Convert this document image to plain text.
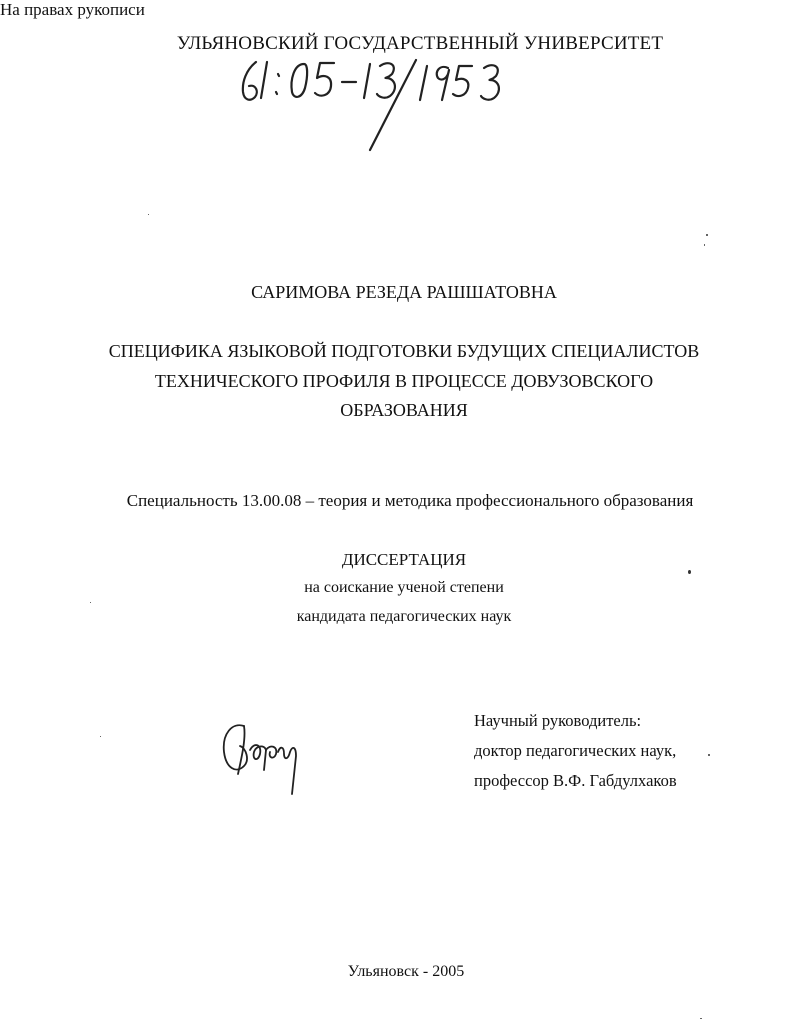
УЛЬЯНОВСКИЙ ГОСУДАРСТВЕННЫЙ УНИВЕРСИТЕТ
На правах рукописи
САРИМОВА РЕЗЕДА РАШШАТОВНА
СПЕЦИФИКА ЯЗЫКОВОЙ ПОДГОТОВКИ БУДУЩИХ СПЕЦИАЛИСТОВ
ТЕХНИЧЕСКОГО ПРОФИЛЯ В ПРОЦЕССЕ ДОВУЗОВСКОГО
ОБРАЗОВАНИЯ
Специальность 13.00.08 – теория и методика профессионального образования
ДИССЕРТАЦИЯ
на соискание ученой степени
кандидата педагогических наук
Научный руководитель:
доктор педагогических наук,
профессор В.Ф. Габдулхаков
Ульяновск - 2005
